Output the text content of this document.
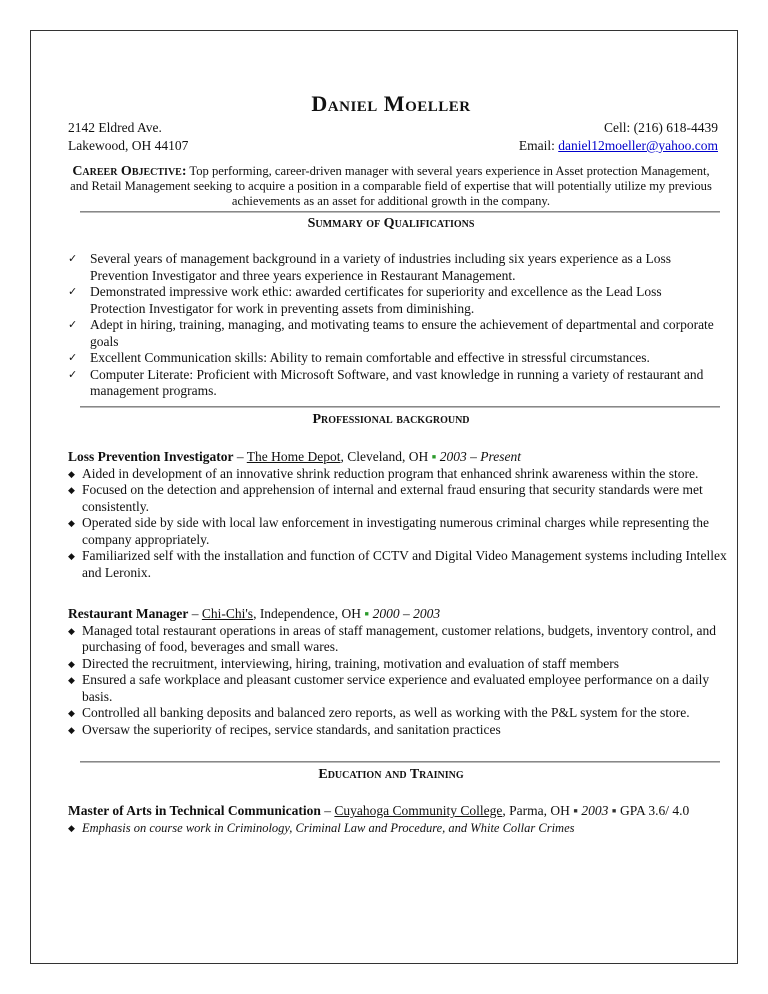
Daniel Moeller
2142 Eldred Ave.	Cell: (216) 618-4439
Lakewood, OH 44107	Email: daniel12moeller@yahoo.com
Career Objective: Top performing, career-driven manager with several years experience in Asset protection Management, and Retail Management seeking to acquire a position in a comparable field of expertise that will potentially utilize my previous achievements as an asset for additional growth in the company.
Summary of Qualifications
✓ Several years of management background in a variety of industries including six years experience as a Loss Prevention Investigator and three years experience in Restaurant Management.
✓ Demonstrated impressive work ethic: awarded certificates for superiority and excellence as the Lead Loss Protection Investigator for work in preventing assets from diminishing.
✓ Adept in hiring, training, managing, and motivating teams to ensure the achievement of departmental and corporate goals
✓ Excellent Communication skills: Ability to remain comfortable and effective in stressful circumstances.
✓ Computer Literate: Proficient with Microsoft Software, and vast knowledge in running a variety of restaurant and management programs.
Professional background
Loss Prevention Investigator – The Home Depot, Cleveland, OH ▪ 2003 – Present
◆ Aided in development of an innovative shrink reduction program that enhanced shrink awareness within the store.
◆ Focused on the detection and apprehension of internal and external fraud ensuring that security standards were met consistently.
◆ Operated side by side with local law enforcement in investigating numerous criminal charges while representing the company appropriately.
◆ Familiarized self with the installation and function of CCTV and Digital Video Management systems including Intellex and Leronix.
Restaurant Manager – Chi-Chi's, Independence, OH ▪ 2000 – 2003
◆ Managed total restaurant operations in areas of staff management, customer relations, budgets, inventory control, and purchasing of food, beverages and small wares.
◆ Directed the recruitment, interviewing, hiring, training, motivation and evaluation of staff members
◆ Ensured a safe workplace and pleasant customer service experience and evaluated employee performance on a daily basis.
◆ Controlled all banking deposits and balanced zero reports, as well as working with the P&L system for the store.
◆ Oversaw the superiority of recipes, service standards, and sanitation practices
Education and Training
Master of Arts in Technical Communication – Cuyahoga Community College, Parma, OH ▪ 2003 ▪ GPA 3.6/ 4.0
◆ Emphasis on course work in Criminology, Criminal Law and Procedure, and White Collar Crimes
